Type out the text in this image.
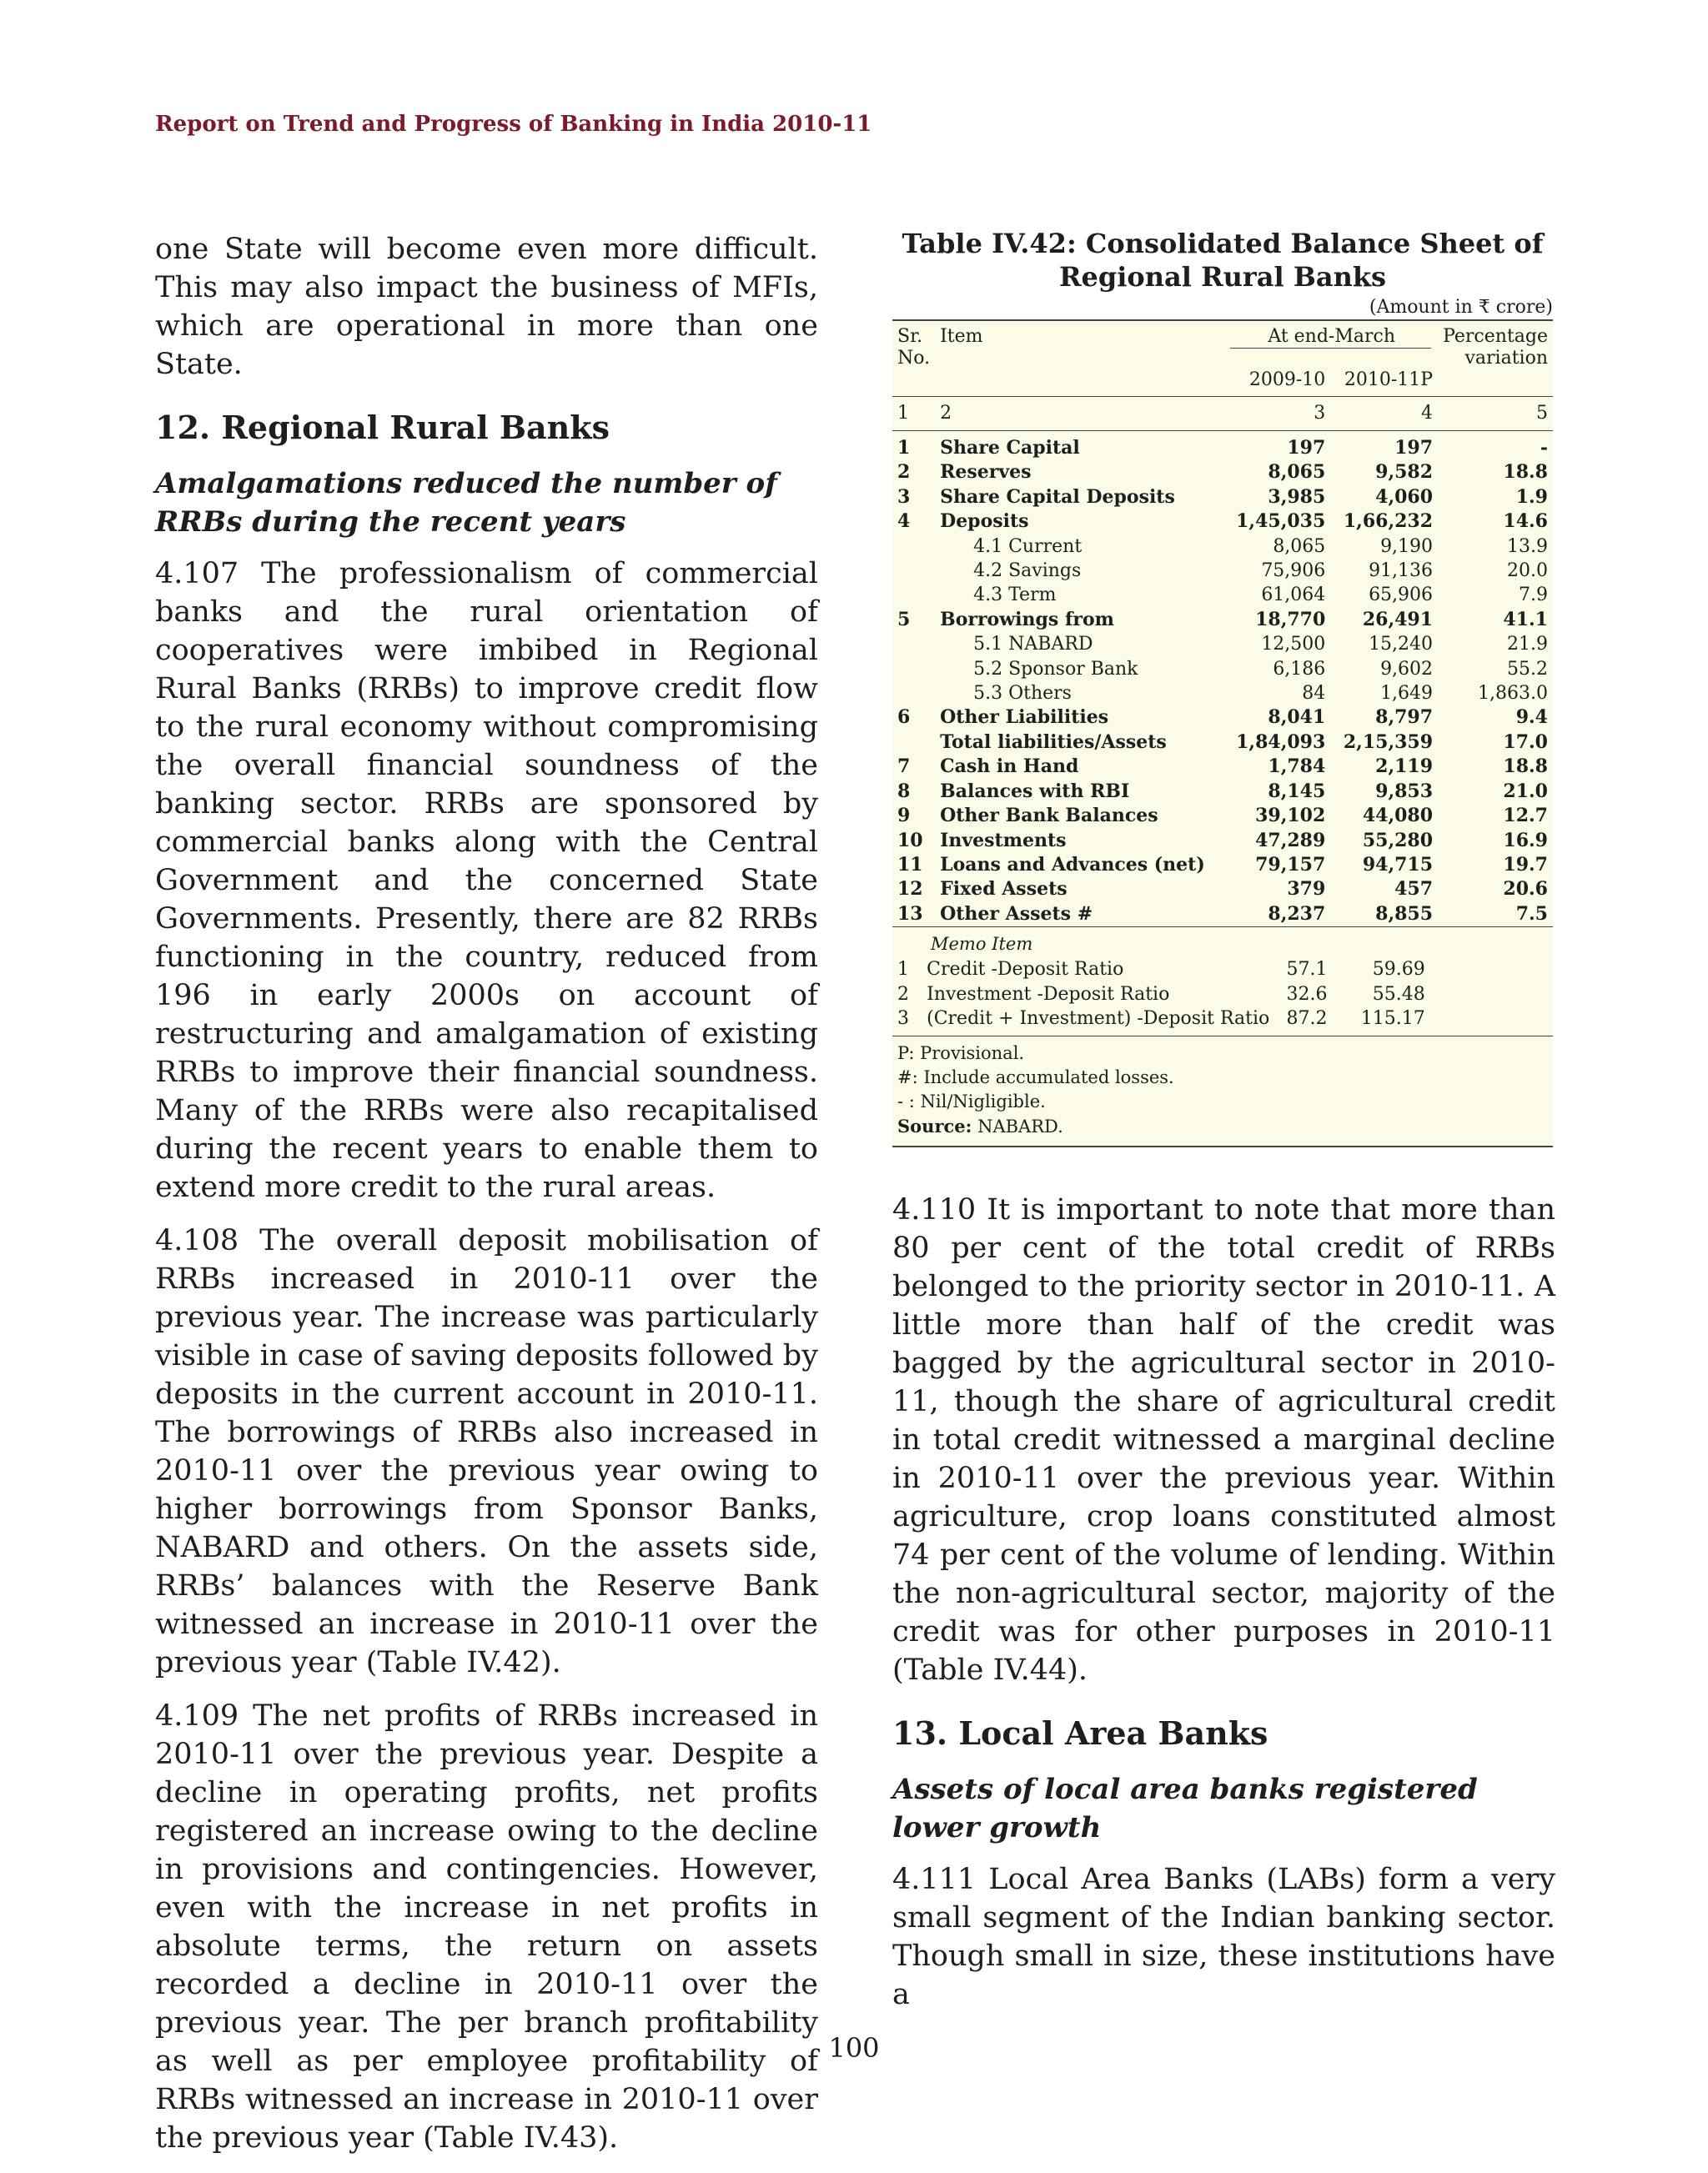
Report on Trend and Progress of Banking in India 2010-11

one State will become even more difficult. This may also impact the business of MFIs, which are operational in more than one State.

12. Regional Rural Banks
Amalgamations reduced the number of RRBs during the recent years

4.107 The professionalism of commercial banks and the rural orientation of cooperatives were imbibed in Regional Rural Banks (RRBs) to improve credit flow to the rural economy without compromising the overall financial soundness of the banking sector. RRBs are sponsored by commercial banks along with the Central Government and the concerned State Governments. Presently, there are 82 RRBs functioning in the country, reduced from 196 in early 2000s on account of restructuring and amalgamation of existing RRBs to improve their financial soundness. Many of the RRBs were also recapitalised during the recent years to enable them to extend more credit to the rural areas.

4.108 The overall deposit mobilisation of RRBs increased in 2010-11 over the previous year. The increase was particularly visible in case of saving deposits followed by deposits in the current account in 2010-11. The borrowings of RRBs also increased in 2010-11 over the previous year owing to higher borrowings from Sponsor Banks, NABARD and others. On the assets side, RRBs’ balances with the Reserve Bank witnessed an increase in 2010-11 over the previous year (Table IV.42).

4.109 The net profits of RRBs increased in 2010-11 over the previous year. Despite a decline in operating profits, net profits registered an increase owing to the decline in provisions and contingencies. However, even with the increase in net profits in absolute terms, the return on assets recorded a decline in 2010-11 over the previous year. The per branch profitability as well as per employee profitability of RRBs witnessed an increase in 2010-11 over the previous year (Table IV.43).

Table IV.42: Consolidated Balance Sheet of
Regional Rural Banks
(Amount in ₹ crore)
Sr.	Item	At end-March		Percentage
No.				variation
		2009-10	2010-11P	
1	2	3	4	5
1	Share Capital	197	197	-
2	Reserves	8,065	9,582	18.8
3	Share Capital Deposits	3,985	4,060	1.9
4	Deposits	1,45,035	1,66,232	14.6
	4.1 Current	8,065	9,190	13.9
	4.2 Savings	75,906	91,136	20.0
	4.3 Term	61,064	65,906	7.9
5	Borrowings from	18,770	26,491	41.1
	5.1 NABARD	12,500	15,240	21.9
	5.2 Sponsor Bank	6,186	9,602	55.2
	5.3 Others	84	1,649	1,863.0
6	Other Liabilities	8,041	8,797	9.4
	Total liabilities/Assets	1,84,093	2,15,359	17.0
7	Cash in Hand	1,784	2,119	18.8
8	Balances with RBI	8,145	9,853	21.0
9	Other Bank Balances	39,102	44,080	12.7
10	Investments	47,289	55,280	16.9
11	Loans and Advances (net)	79,157	94,715	19.7
12	Fixed Assets	379	457	20.6
13	Other Assets #	8,237	8,855	7.5
Memo Item
1	Credit -Deposit Ratio	57.1	59.69	
2	Investment -Deposit Ratio	32.6	55.48	
3	(Credit + Investment) -Deposit Ratio	87.2	115.17	
P: Provisional.
#: Include accumulated losses.
- : Nil/Nigligible.
Source: NABARD.

4.110 It is important to note that more than 80 per cent of the total credit of RRBs belonged to the priority sector in 2010-11. A little more than half of the credit was bagged by the agricultural sector in 2010-11, though the share of agricultural credit in total credit witnessed a marginal decline in 2010-11 over the previous year. Within agriculture, crop loans constituted almost 74 per cent of the volume of lending. Within the non-agricultural sector, majority of the credit was for other purposes in 2010-11 (Table IV.44).

13. Local Area Banks
Assets of local area banks registered lower growth

4.111 Local Area Banks (LABs) form a very small segment of the Indian banking sector. Though small in size, these institutions have a

100
